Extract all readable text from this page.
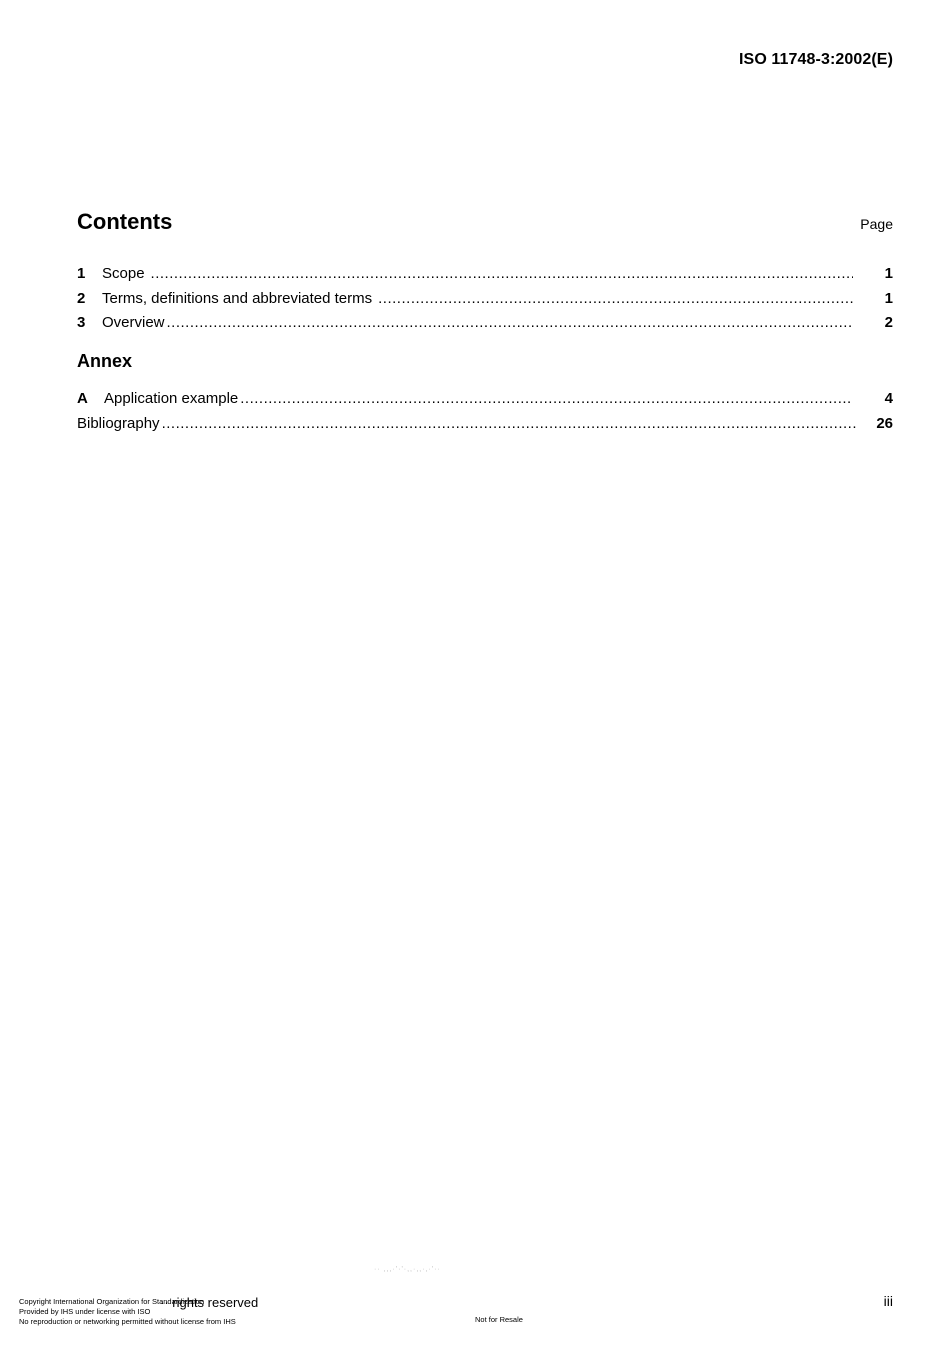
ISO 11748-3:2002(E)
Contents	Page
1	Scope .....	1
2	Terms, definitions and abbreviated terms .....	1
3	Overview .....	2
Annex
A	Application example .....	4
Bibliography .....	26
·· ,,,·'·'·,,·,,·,·'··
Copyright International Organization for Standardization
Provided by IHS under license with ISO
No reproduction or networking permitted without license from IHS
·· rights reserved
Not for Resale
iii
